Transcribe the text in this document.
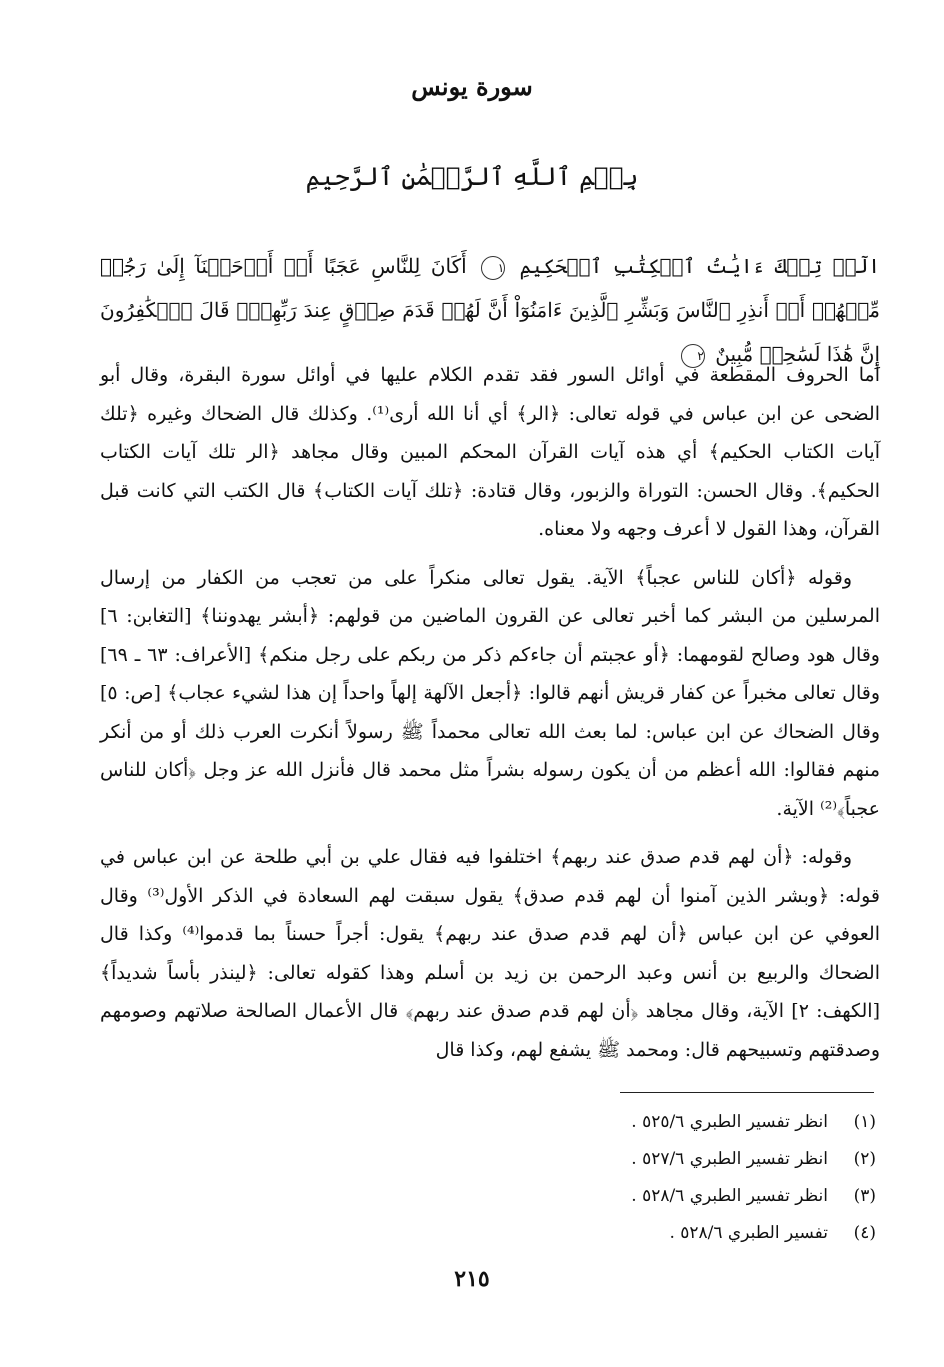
سورة يونس
بِسۡمِ ٱللَّهِ ٱلرَّحۡمَٰنِ ٱلرَّحِيمِ
الٓرۚ تِلۡكَ ءَايَٰتُ ٱلۡكِتَٰبِ ٱلۡحَكِيمِ ١ أَكَانَ لِلنَّاسِ عَجَبًا أَنۡ أَوۡحَيۡنَآ إِلَىٰ رَجُلٖ مِّنۡهُمۡ أَنۡ أَنذِرِ ٱلنَّاسَ وَبَشِّرِ ٱلَّذِينَ ءَامَنُوٓاْ أَنَّ لَهُمۡ قَدَمَ صِدۡقٍ عِندَ رَبِّهِمۡۗ قَالَ ٱلۡكَٰفِرُونَ إِنَّ هَٰذَا لَسَٰحِرٞ مُّبِينٌ ٢

أما الحروف المقطعة في أوائل السور فقد تقدم الكلام عليها في أوائل سورة البقرة، وقال أبو الضحى عن ابن عباس في قوله تعالى: ﴿الر﴾ أي أنا الله أرى⁽¹⁾. وكذلك قال الضحاك وغيره ﴿تلك آيات الكتاب الحكيم﴾ أي هذه آيات القرآن المحكم المبين وقال مجاهد ﴿الر تلك آيات الكتاب الحكيم﴾. وقال الحسن: التوراة والزبور، وقال قتادة: ﴿تلك آيات الكتاب﴾ قال الكتب التي كانت قبل القرآن، وهذا القول لا أعرف وجهه ولا معناه.

وقوله ﴿أكان للناس عجباً﴾ الآية. يقول تعالى منكراً على من تعجب من الكفار من إرسال المرسلين من البشر كما أخبر تعالى عن القرون الماضين من قولهم: ﴿أبشر يهدوننا﴾ [التغابن: ٦] وقال هود وصالح لقومهما: ﴿أو عجبتم أن جاءكم ذكر من ربكم على رجل منكم﴾ [الأعراف: ٦٣ ـ ٦٩] وقال تعالى مخبراً عن كفار قريش أنهم قالوا: ﴿أجعل الآلهة إلهاً واحداً إن هذا لشيء عجاب﴾ [ص: ٥] وقال الضحاك عن ابن عباس: لما بعث الله تعالى محمداً ﷺ رسولاً أنكرت العرب ذلك أو من أنكر منهم فقالوا: الله أعظم من أن يكون رسوله بشراً مثل محمد قال فأنزل الله عز وجل ﴿أكان للناس عجباً﴾⁽²⁾ الآية.

وقوله: ﴿أن لهم قدم صدق عند ربهم﴾ اختلفوا فيه فقال علي بن أبي طلحة عن ابن عباس في قوله: ﴿وبشر الذين آمنوا أن لهم قدم صدق﴾ يقول سبقت لهم السعادة في الذكر الأول⁽³⁾ وقال العوفي عن ابن عباس ﴿أن لهم قدم صدق عند ربهم﴾ يقول: أجراً حسناً بما قدموا⁽⁴⁾ وكذا قال الضحاك والربيع بن أنس وعبد الرحمن بن زيد بن أسلم وهذا كقوله تعالى: ﴿لينذر بأساً شديداً﴾ [الكهف: ٢] الآية، وقال مجاهد ﴿أن لهم قدم صدق عند ربهم﴾ قال الأعمال الصالحة صلاتهم وصومهم وصدقتهم وتسبيحهم قال: ومحمد ﷺ يشفع لهم، وكذا قال

(١)
انظر تفسير الطبري ٥٢٥/٦ .
(٢)
انظر تفسير الطبري ٥٢٧/٦ .
(٣)
انظر تفسير الطبري ٥٢٨/٦ .
(٤)
تفسير الطبري ٥٢٨/٦ .
٢١٥
